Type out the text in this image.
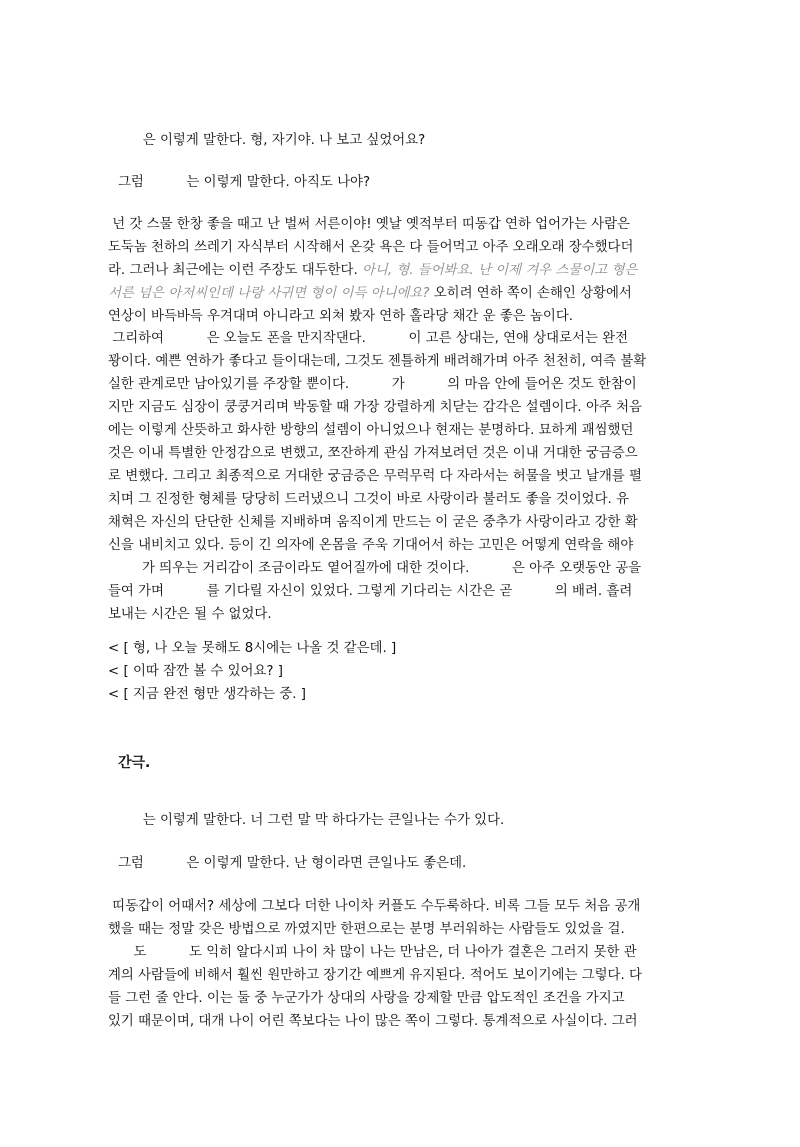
은 이렇게 말한다. 형, 자기야. 나 보고 싶었어요?

그럼          는 이렇게 말한다. 아직도 나야?

넌 갓 스물 한창 좋을 때고 난 벌써 서른이야! 옛날 옛적부터 띠동갑 연하 업어가는 사람은

도둑놈 천하의 쓰레기 자식부터 시작해서 온갖 욕은 다 들어먹고 아주 오래오래 장수했다더

라. 그러나 최근에는 이런 주장도 대두한다. 아니, 형. 들어봐요. 난 이제 겨우 스물이고 형은

서른 넘은 아저씨인데 나랑 사귀면 형이 이득 아니에요? 오히려 연하 쪽이 손해인 상황에서

연상이 바득바득 우겨대며 아니라고 외쳐 봤자 연하 홀라당 채간 운 좋은 놈이다.

그리하여          은 오늘도 폰을 만지작댄다.          이 고른 상대는, 연애 상대로서는 완전

꽝이다. 예쁜 연하가 좋다고 들이대는데, 그것도 젠틀하게 배려해가며 아주 천천히, 여즉 불확

실한 관계로만 남아있기를 주장할 뿐이다.          가          의 마음 안에 들어온 것도 한참이

지만 지금도 심장이 쿵쿵거리며 박동할 때 가장 강렬하게 치닫는 감각은 설렘이다. 아주 처음

에는 이렇게 산뜻하고 화사한 방향의 설렘이 아니었으나 현재는 분명하다. 묘하게 괘씸했던

것은 이내 특별한 안정감으로 변했고, 쪼잔하게 관심 가져보려던 것은 이내 거대한 궁금증으

로 변했다. 그리고 최종적으로 거대한 궁금증은 무럭무럭 다 자라서는 허물을 벗고 날개를 펼

치며 그 진정한 형체를 당당히 드러냈으니 그것이 바로 사랑이라 불러도 좋을 것이었다. 유

채혁은 자신의 단단한 신체를 지배하며 움직이게 만드는 이 굳은 중추가 사랑이라고 강한 확

신을 내비치고 있다. 등이 긴 의자에 온몸을 주욱 기대어서 하는 고민은 어떻게 연락을 해야

가 띄우는 거리감이 조금이라도 옅어질까에 대한 것이다.          은 아주 오랫동안 공을

들여 가며          를 기다릴 자신이 있었다. 그렇게 기다리는 시간은 곧          의 배려. 흘려

보내는 시간은 될 수 없었다.

< [ 형, 나 오늘 못해도 8시에는 나올 것 같은데. ]

< [ 이따 잠깐 볼 수 있어요? ]

< [ 지금 완전 형만 생각하는 중. ]

간극.

는 이렇게 말한다. 너 그런 말 막 하다가는 큰일나는 수가 있다.

그럼          은 이렇게 말한다. 난 형이라면 큰일나도 좋은데.

띠동갑이 어때서? 세상에 그보다 더한 나이차 커플도 수두룩하다. 비록 그들 모두 처음 공개

했을 때는 정말 갖은 방법으로 까였지만 한편으로는 분명 부러워하는 사람들도 있었을 걸.

도          도 익히 알다시피 나이 차 많이 나는 만남은, 더 나아가 결혼은 그러지 못한 관

계의 사람들에 비해서 훨씬 원만하고 장기간 예쁘게 유지된다. 적어도 보이기에는 그렇다. 다

들 그런 줄 안다. 이는 둘 중 누군가가 상대의 사랑을 강제할 만큼 압도적인 조건을 가지고

있기 때문이며, 대개 나이 어린 쪽보다는 나이 많은 쪽이 그렇다. 통계적으로 사실이다. 그러
